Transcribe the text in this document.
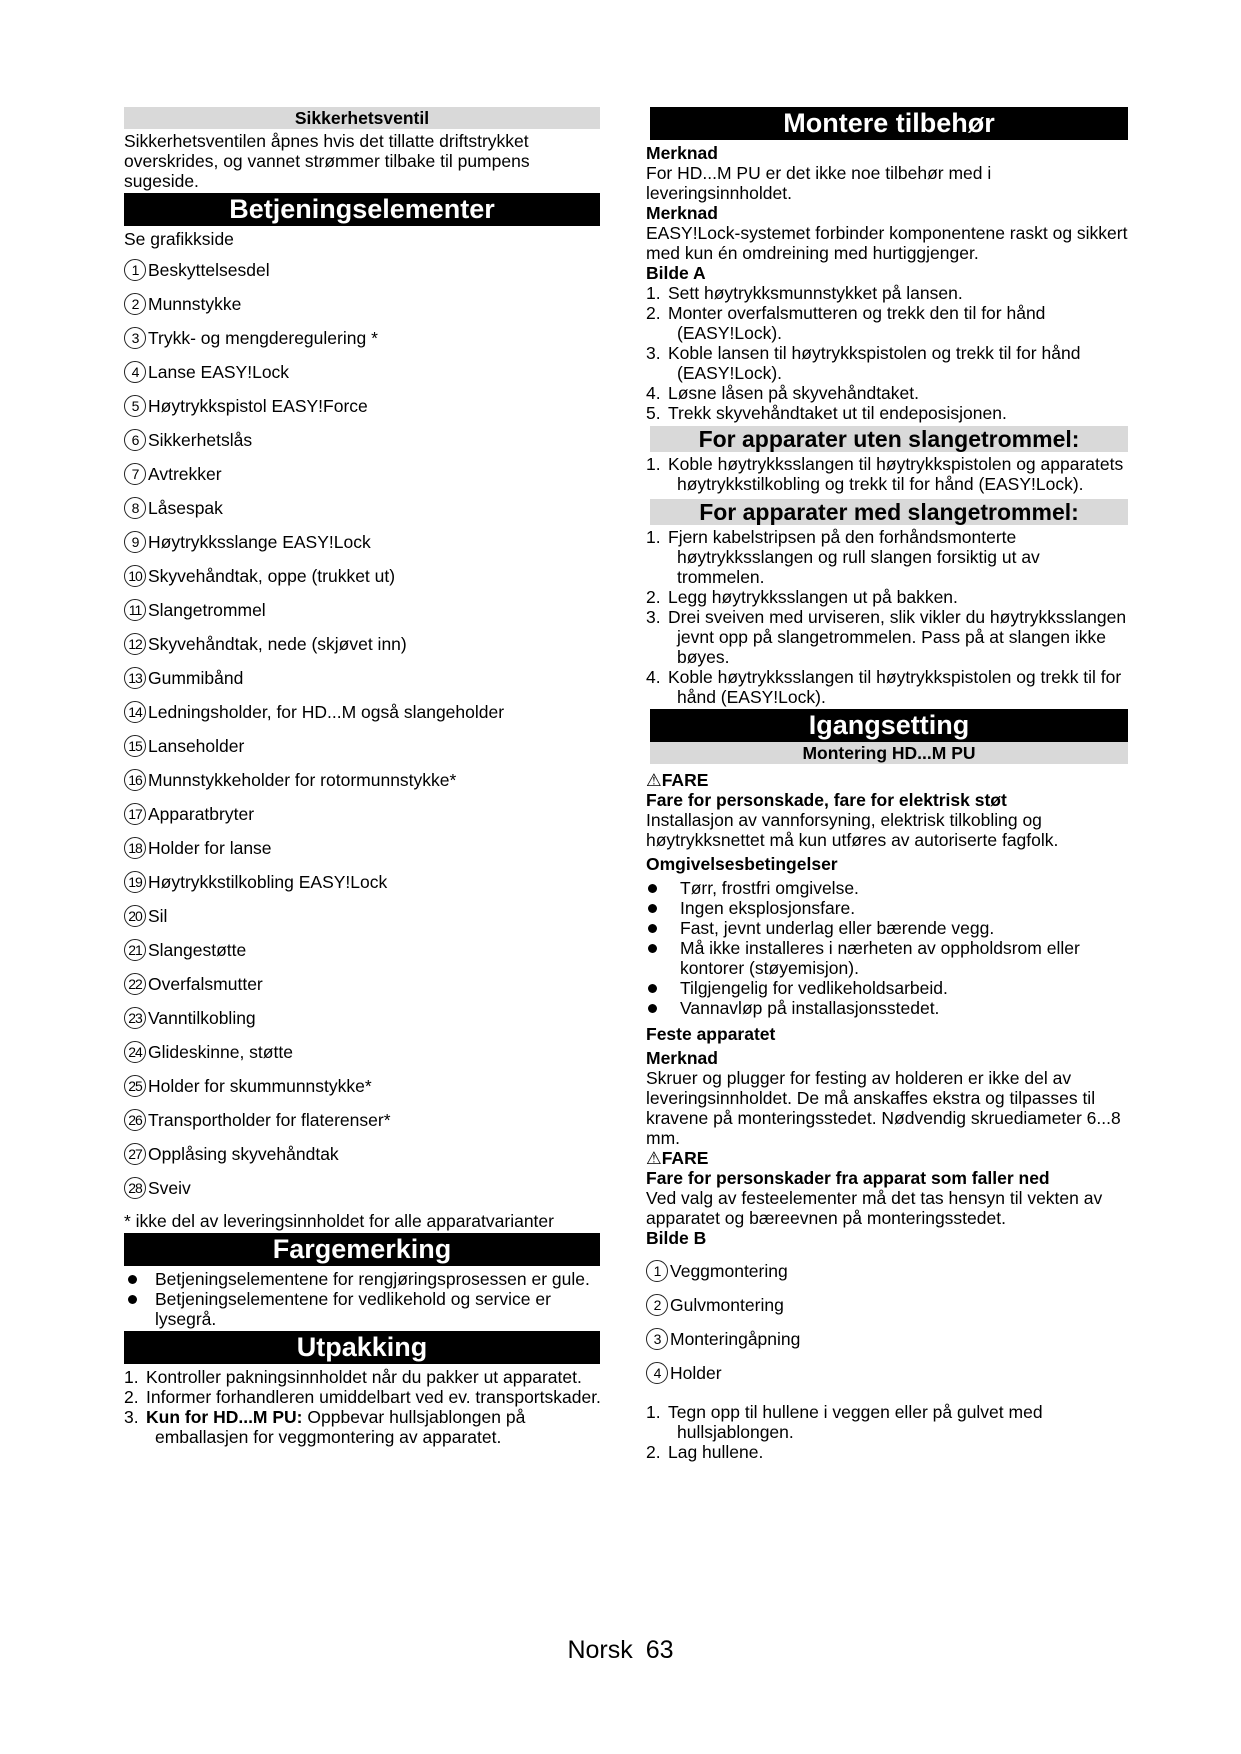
Sikkerhetsventil

Sikkerhetsventilen åpnes hvis det tillatte driftstrykket overskrides, og vannet strømmer tilbake til pumpens sugeside.

Betjeningselementer

Se grafikkside

1 Beskyttelsesdel
2 Munnstykke
3 Trykk- og mengderegulering *
4 Lanse EASY!Lock
5 Høytrykkspistol EASY!Force
6 Sikkerhetslås
7 Avtrekker
8 Låsespak
9 Høytrykksslange EASY!Lock
10 Skyvehåndtak, oppe (trukket ut)
11 Slangetrommel
12 Skyvehåndtak, nede (skjøvet inn)
13 Gummibånd
14 Ledningsholder, for HD...M også slangeholder
15 Lanseholder
16 Munnstykkeholder for rotormunnstykke*
17 Apparatbryter
18 Holder for lanse
19 Høytrykkstilkobling EASY!Lock
20 Sil
21 Slangestøtte
22 Overfalsmutter
23 Vanntilkobling
24 Glideskinne, støtte
25 Holder for skummunnstykke*
26 Transportholder for flaterenser*
27 Opplåsing skyvehåndtak
28 Sveiv

* ikke del av leveringsinnholdet for alle apparatvarianter

Fargemerking
Betjeningselementene for rengjøringsprosessen er gule.
Betjeningselementene for vedlikehold og service er lysegrå.
Utpakking
1. Kontroller pakningsinnholdet når du pakker ut apparatet.
2. Informer forhandleren umiddelbart ved ev. transportskader.
3. Kun for HD...M PU: Oppbevar hullsjablongen på emballasjen for veggmontering av apparatet.
Montere tilbehør

Merknad

For HD...M PU er det ikke noe tilbehør med i leveringsinnholdet.

Merknad

EASY!Lock-systemet forbinder komponentene raskt og sikkert med kun én omdreining med hurtiggjenger.

Bilde A

1. Sett høytrykksmunnstykket på lansen.
2. Monter overfalsmutteren og trekk den til for hånd (EASY!Lock).
3. Koble lansen til høytrykkspistolen og trekk til for hånd (EASY!Lock).
4. Løsne låsen på skyvehåndtaket.
5. Trekk skyvehåndtaket ut til endeposisjonen.
For apparater uten slangetrommel:
1. Koble høytrykksslangen til høytrykkspistolen og apparatets høytrykkstilkobling og trekk til for hånd (EASY!Lock).
For apparater med slangetrommel:
1. Fjern kabelstripsen på den forhåndsmonterte høytrykksslangen og rull slangen forsiktig ut av trommelen.
2. Legg høytrykksslangen ut på bakken.
3. Drei sveiven med urviseren, slik vikler du høytrykksslangen jevnt opp på slangetrommelen. Pass på at slangen ikke bøyes.
4. Koble høytrykksslangen til høytrykkspistolen og trekk til for hånd (EASY!Lock).
Igangsetting
Montering HD...M PU

⚠FARE

Fare for personskade, fare for elektrisk støt

Installasjon av vannforsyning, elektrisk tilkobling og høytrykksnettet må kun utføres av autoriserte fagfolk.

Omgivelsesbetingelser

Tørr, frostfri omgivelse.
Ingen eksplosjonsfare.
Fast, jevnt underlag eller bærende vegg.
Må ikke installeres i nærheten av oppholdsrom eller kontorer (støyemisjon).
Tilgjengelig for vedlikeholdsarbeid.
Vannavløp på installasjonsstedet.

Feste apparatet

Merknad

Skruer og plugger for festing av holderen er ikke del av leveringsinnholdet. De må anskaffes ekstra og tilpasses til kravene på monteringsstedet. Nødvendig skruediameter 6...8 mm.

⚠FARE

Fare for personskader fra apparat som faller ned

Ved valg av festeelementer må det tas hensyn til vekten av apparatet og bæreevnen på monteringsstedet.

Bilde B

1 Veggmontering
2 Gulvmontering
3 Monteringåpning
4 Holder
1. Tegn opp til hullene i veggen eller på gulvet med hullsjablongen.
2. Lag hullene.
Norsk 63
